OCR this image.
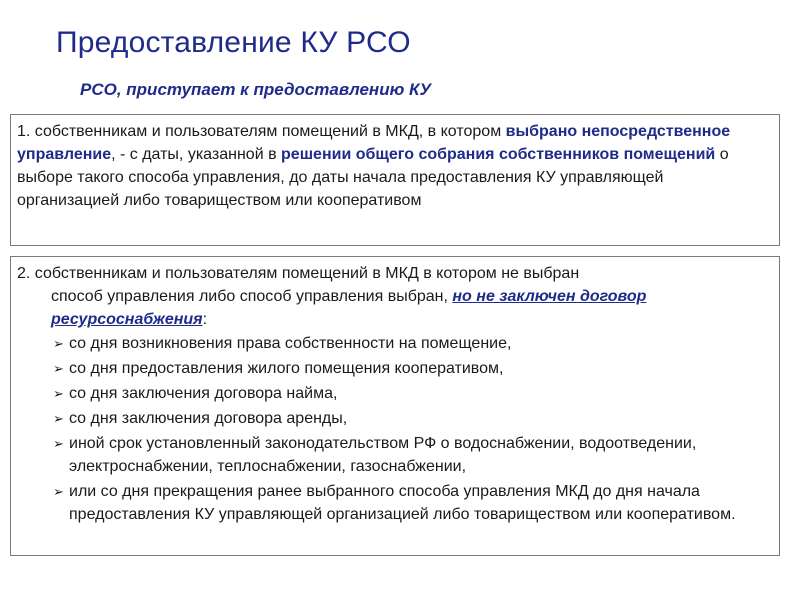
Предоставление КУ РСО
РСО, приступает к предоставлению КУ
1. собственникам и пользователям помещений в МКД, в котором выбрано непосредственное управление, - с даты, указанной в решении общего собрания собственников помещений о выборе такого способа управления, до даты начала предоставления КУ управляющей организацией либо товариществом или кооперативом
2. собственникам и пользователям помещений в МКД в котором не выбран
способ управления либо способ управления выбран, но не заключен договор ресурсоснабжения:
➢ со дня возникновения права собственности на помещение,
➢ со дня предоставления жилого помещения кооперативом,
➢ со дня заключения договора найма,
➢ со дня заключения договора аренды,
➢ иной срок установленный законодательством РФ о водоснабжении, водоотведении, электроснабжении, теплоснабжении, газоснабжении,
➢ или со дня прекращения ранее выбранного способа управления МКД до дня начала предоставления КУ управляющей организацией либо товариществом или кооперативом.
